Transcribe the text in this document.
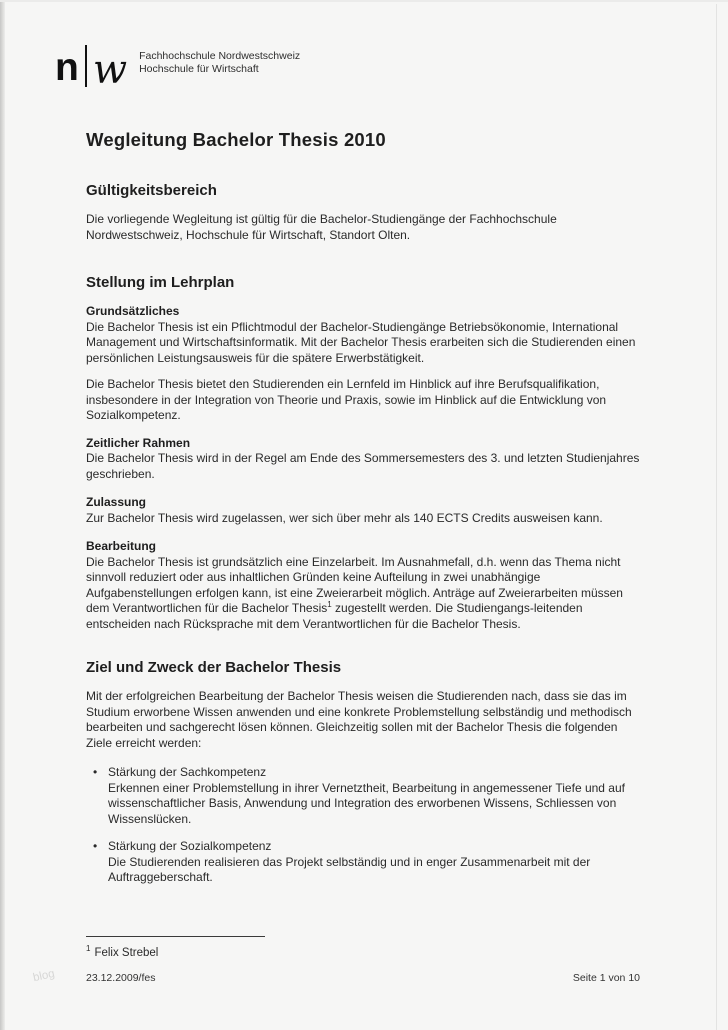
n w Fachhochschule Nordwestschweiz
Hochschule für Wirtschaft
Wegleitung Bachelor Thesis 2010
Gültigkeitsbereich

Die vorliegende Wegleitung ist gültig für die Bachelor-Studiengänge der Fachhochschule Nordwestschweiz, Hochschule für Wirtschaft, Standort Olten.

Stellung im Lehrplan
Grundsätzliches

Die Bachelor Thesis ist ein Pflichtmodul der Bachelor-Studiengänge Betriebsökonomie, International Management und Wirtschaftsinformatik. Mit der Bachelor Thesis erarbeiten sich die Studierenden einen persönlichen Leistungsausweis für die spätere Erwerbstätigkeit.

Die Bachelor Thesis bietet den Studierenden ein Lernfeld im Hinblick auf ihre Berufsqualifikation, insbesondere in der Integration von Theorie und Praxis, sowie im Hinblick auf die Entwicklung von Sozialkompetenz.

Zeitlicher Rahmen

Die Bachelor Thesis wird in der Regel am Ende des Sommersemesters des 3. und letzten Studienjahres geschrieben.

Zulassung

Zur Bachelor Thesis wird zugelassen, wer sich über mehr als 140 ECTS Credits ausweisen kann.

Bearbeitung

Die Bachelor Thesis ist grundsätzlich eine Einzelarbeit. Im Ausnahmefall, d.h. wenn das Thema nicht sinnvoll reduziert oder aus inhaltlichen Gründen keine Aufteilung in zwei unabhängige Aufgabenstellungen erfolgen kann, ist eine Zweierarbeit möglich. Anträge auf Zweierarbeiten müssen dem Verantwortlichen für die Bachelor Thesis$^1$ zugestellt werden. Die Studiengangs-leitenden entscheiden nach Rücksprache mit dem Verantwortlichen für die Bachelor Thesis.

Ziel und Zweck der Bachelor Thesis

Mit der erfolgreichen Bearbeitung der Bachelor Thesis weisen die Studierenden nach, dass sie das im Studium erworbene Wissen anwenden und eine konkrete Problemstellung selbständig und methodisch bearbeiten und sachgerecht lösen können. Gleichzeitig sollen mit der Bachelor Thesis die folgenden Ziele erreicht werden:

• Stärkung der Sachkompetenz
Erkennen einer Problemstellung in ihrer Vernetztheit, Bearbeitung in angemessener Tiefe und auf wissenschaftlicher Basis, Anwendung und Integration des erworbenen Wissens, Schliessen von Wissenslücken.
• Stärkung der Sozialkompetenz
Die Studierenden realisieren das Projekt selbständig und in enger Zusammenarbeit mit der Auftraggeberschaft.
$^1$ Felix Strebel
23.12.2009/fes	Seite 1 von 10
blog
